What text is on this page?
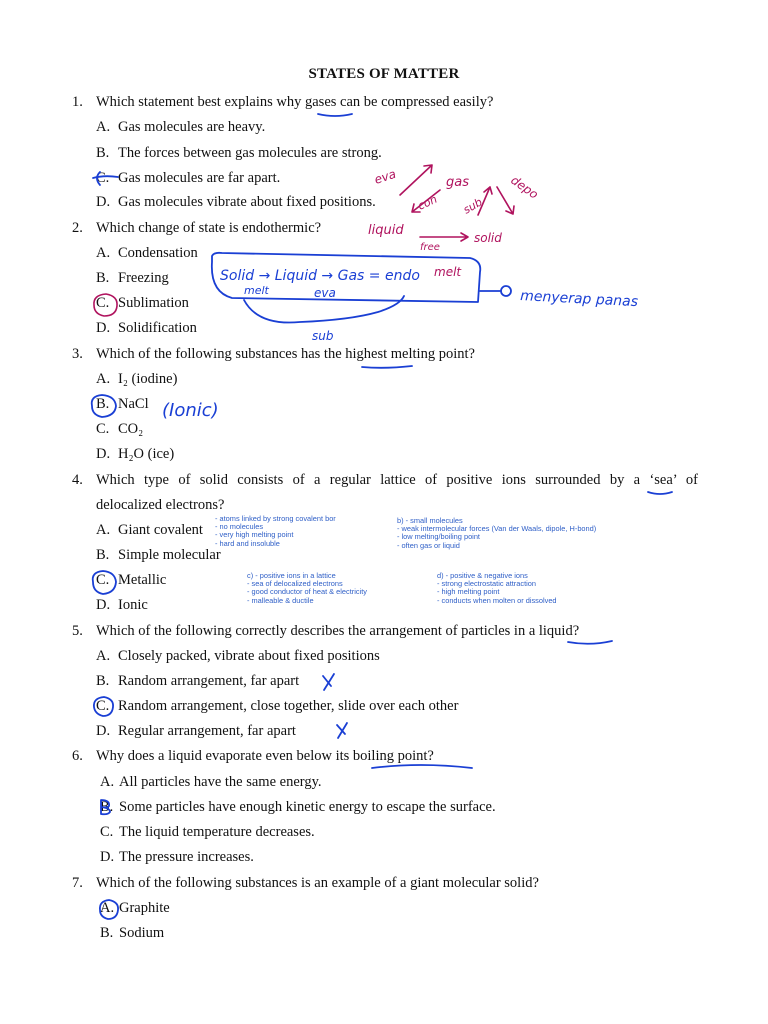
STATES OF MATTER
1. Which statement best explains why gases can be compressed easily?
A. Gas molecules are heavy.
B. The forces between gas molecules are strong.
C. Gas molecules are far apart.
D. Gas molecules vibrate about fixed positions.
2. Which change of state is endothermic?
A. Condensation
B. Freezing
C. Sublimation
D. Solidification
3. Which of the following substances has the highest melting point?
A. I₂ (iodine)
B. NaCl
C. CO₂
D. H₂O (ice)
4. Which type of solid consists of a regular lattice of positive ions surrounded by a ‘sea’ of
delocalized electrons?
A. Giant covalent
B. Simple molecular
C. Metallic
D. Ionic
- atoms linked by strong covalent bor
- no molecules
- very high melting point
- hard and insoluble
b) - small molecules
- weak intermolecular forces (Van der Waals, dipole, H-bond)
- low melting/boiling point
- often gas or liquid
c) - positive ions in a lattice
- sea of delocalized electrons
- good conductor of heat & electricity
- malleable & ductile
d) - positive & negative ions
- strong electrostatic attraction
- high melting point
- conducts when molten or dissolved
5. Which of the following correctly describes the arrangement of particles in a liquid?
A. Closely packed, vibrate about fixed positions
B. Random arrangement, far apart
C. Random arrangement, close together, slide over each other
D. Regular arrangement, far apart
6. Why does a liquid evaporate even below its boiling point?
A. All particles have the same energy.
B. Some particles have enough kinetic energy to escape the surface.
C. The liquid temperature decreases.
D. The pressure increases.
7. Which of the following substances is an example of a giant molecular solid?
A. Graphite
B. Sodium
eva	gas
con sub
depo
liquid	solid
free
melt
Solid → Liquid → Gas = endo
melt	eva
sub
menyerap panas
(Ionic)
